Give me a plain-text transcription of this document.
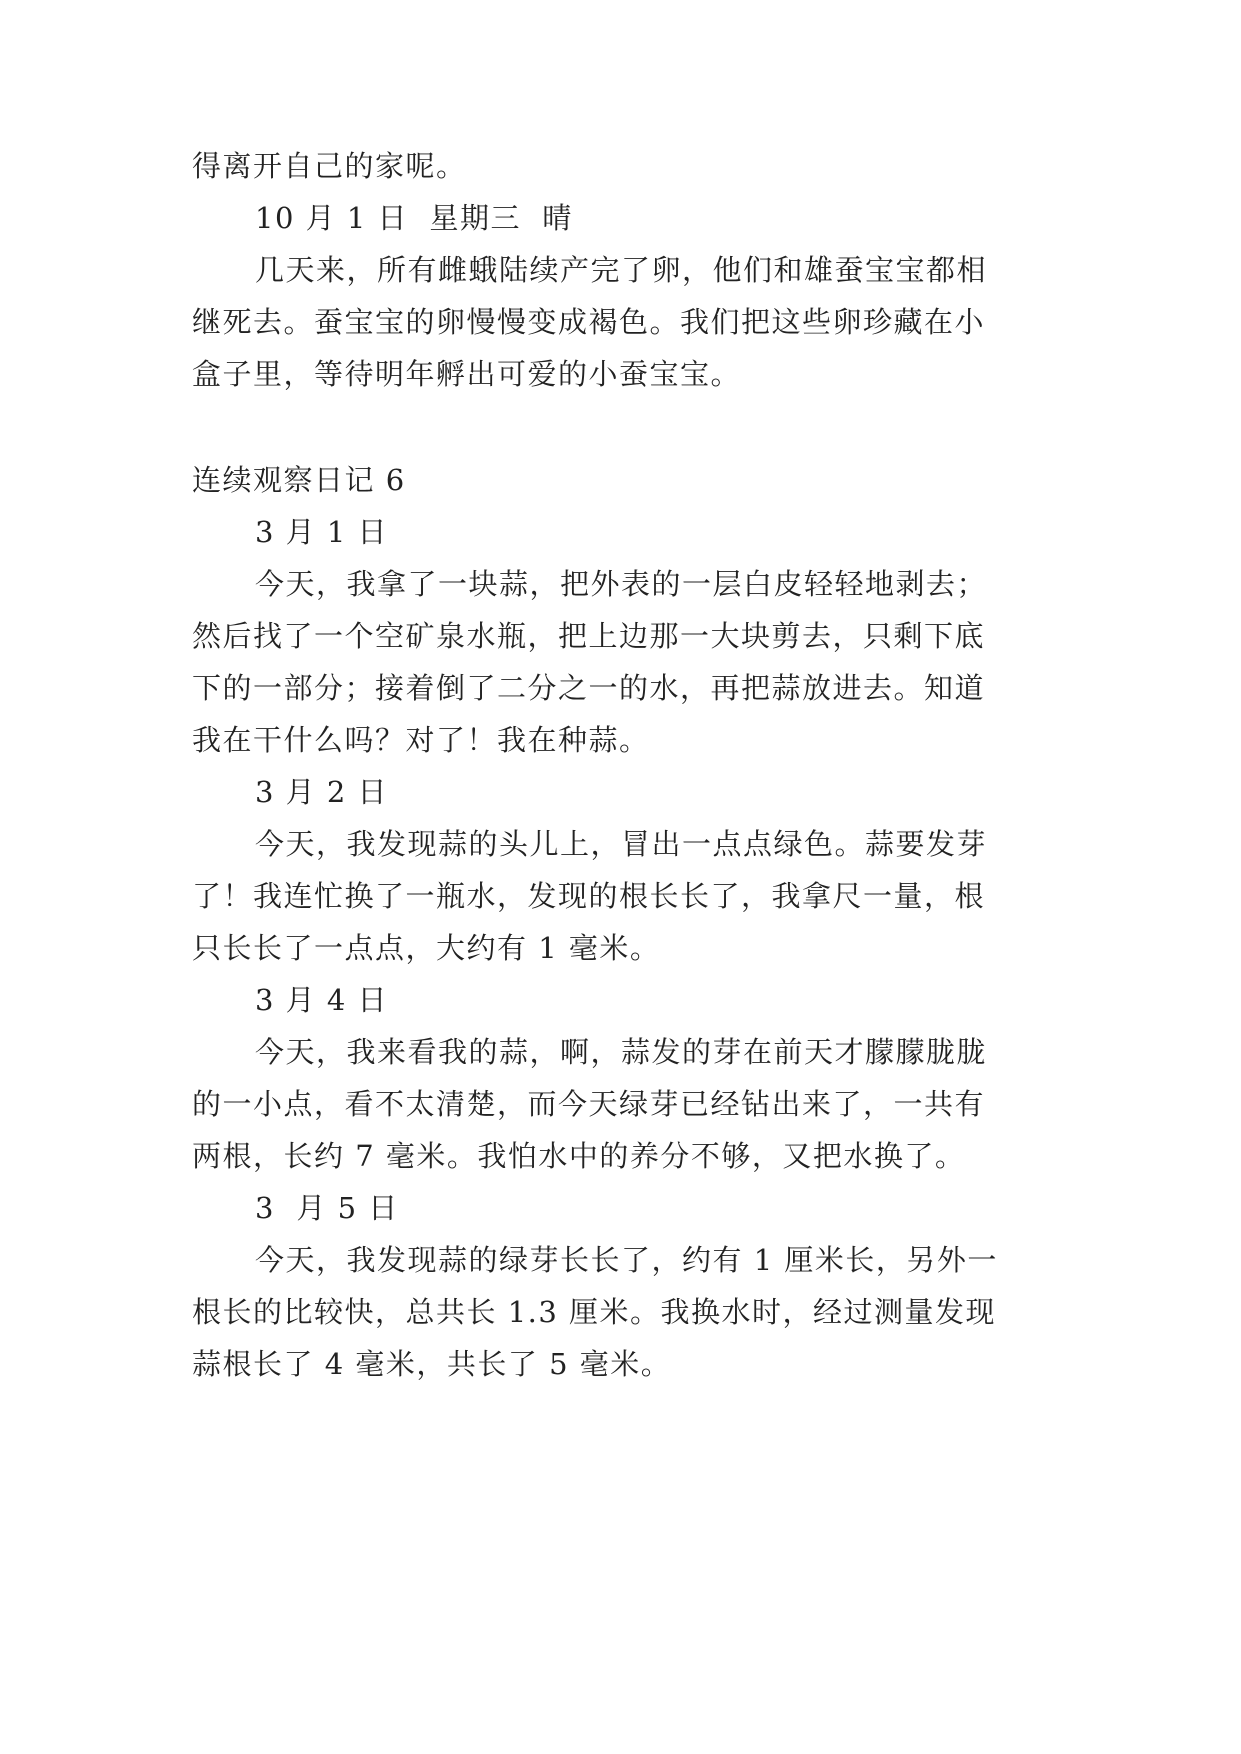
得离开自己的家呢。
10 月 1 日  星期三  晴
几天来，所有雌蛾陆续产完了卵，他们和雄蚕宝宝都相
继死去。蚕宝宝的卵慢慢变成褐色。我们把这些卵珍藏在小
盒子里，等待明年孵出可爱的小蚕宝宝。
连续观察日记 6
3 月 1 日
今天，我拿了一块蒜，把外表的一层白皮轻轻地剥去；
然后找了一个空矿泉水瓶，把上边那一大块剪去，只剩下底
下的一部分；接着倒了二分之一的水，再把蒜放进去。知道
我在干什么吗？对了！我在种蒜。
3 月 2 日
今天，我发现蒜的头儿上，冒出一点点绿色。蒜要发芽
了！我连忙换了一瓶水，发现的根长长了，我拿尺一量，根
只长长了一点点，大约有 1 毫米。
3 月 4 日
今天，我来看我的蒜，啊，蒜发的芽在前天才朦朦胧胧
的一小点，看不太清楚，而今天绿芽已经钻出来了，一共有
两根，长约 7 毫米。我怕水中的养分不够，又把水换了。
3  月 5 日
今天，我发现蒜的绿芽长长了，约有 1 厘米长，另外一
根长的比较快，总共长 1.3 厘米。我换水时，经过测量发现
蒜根长了 4 毫米，共长了 5 毫米。
